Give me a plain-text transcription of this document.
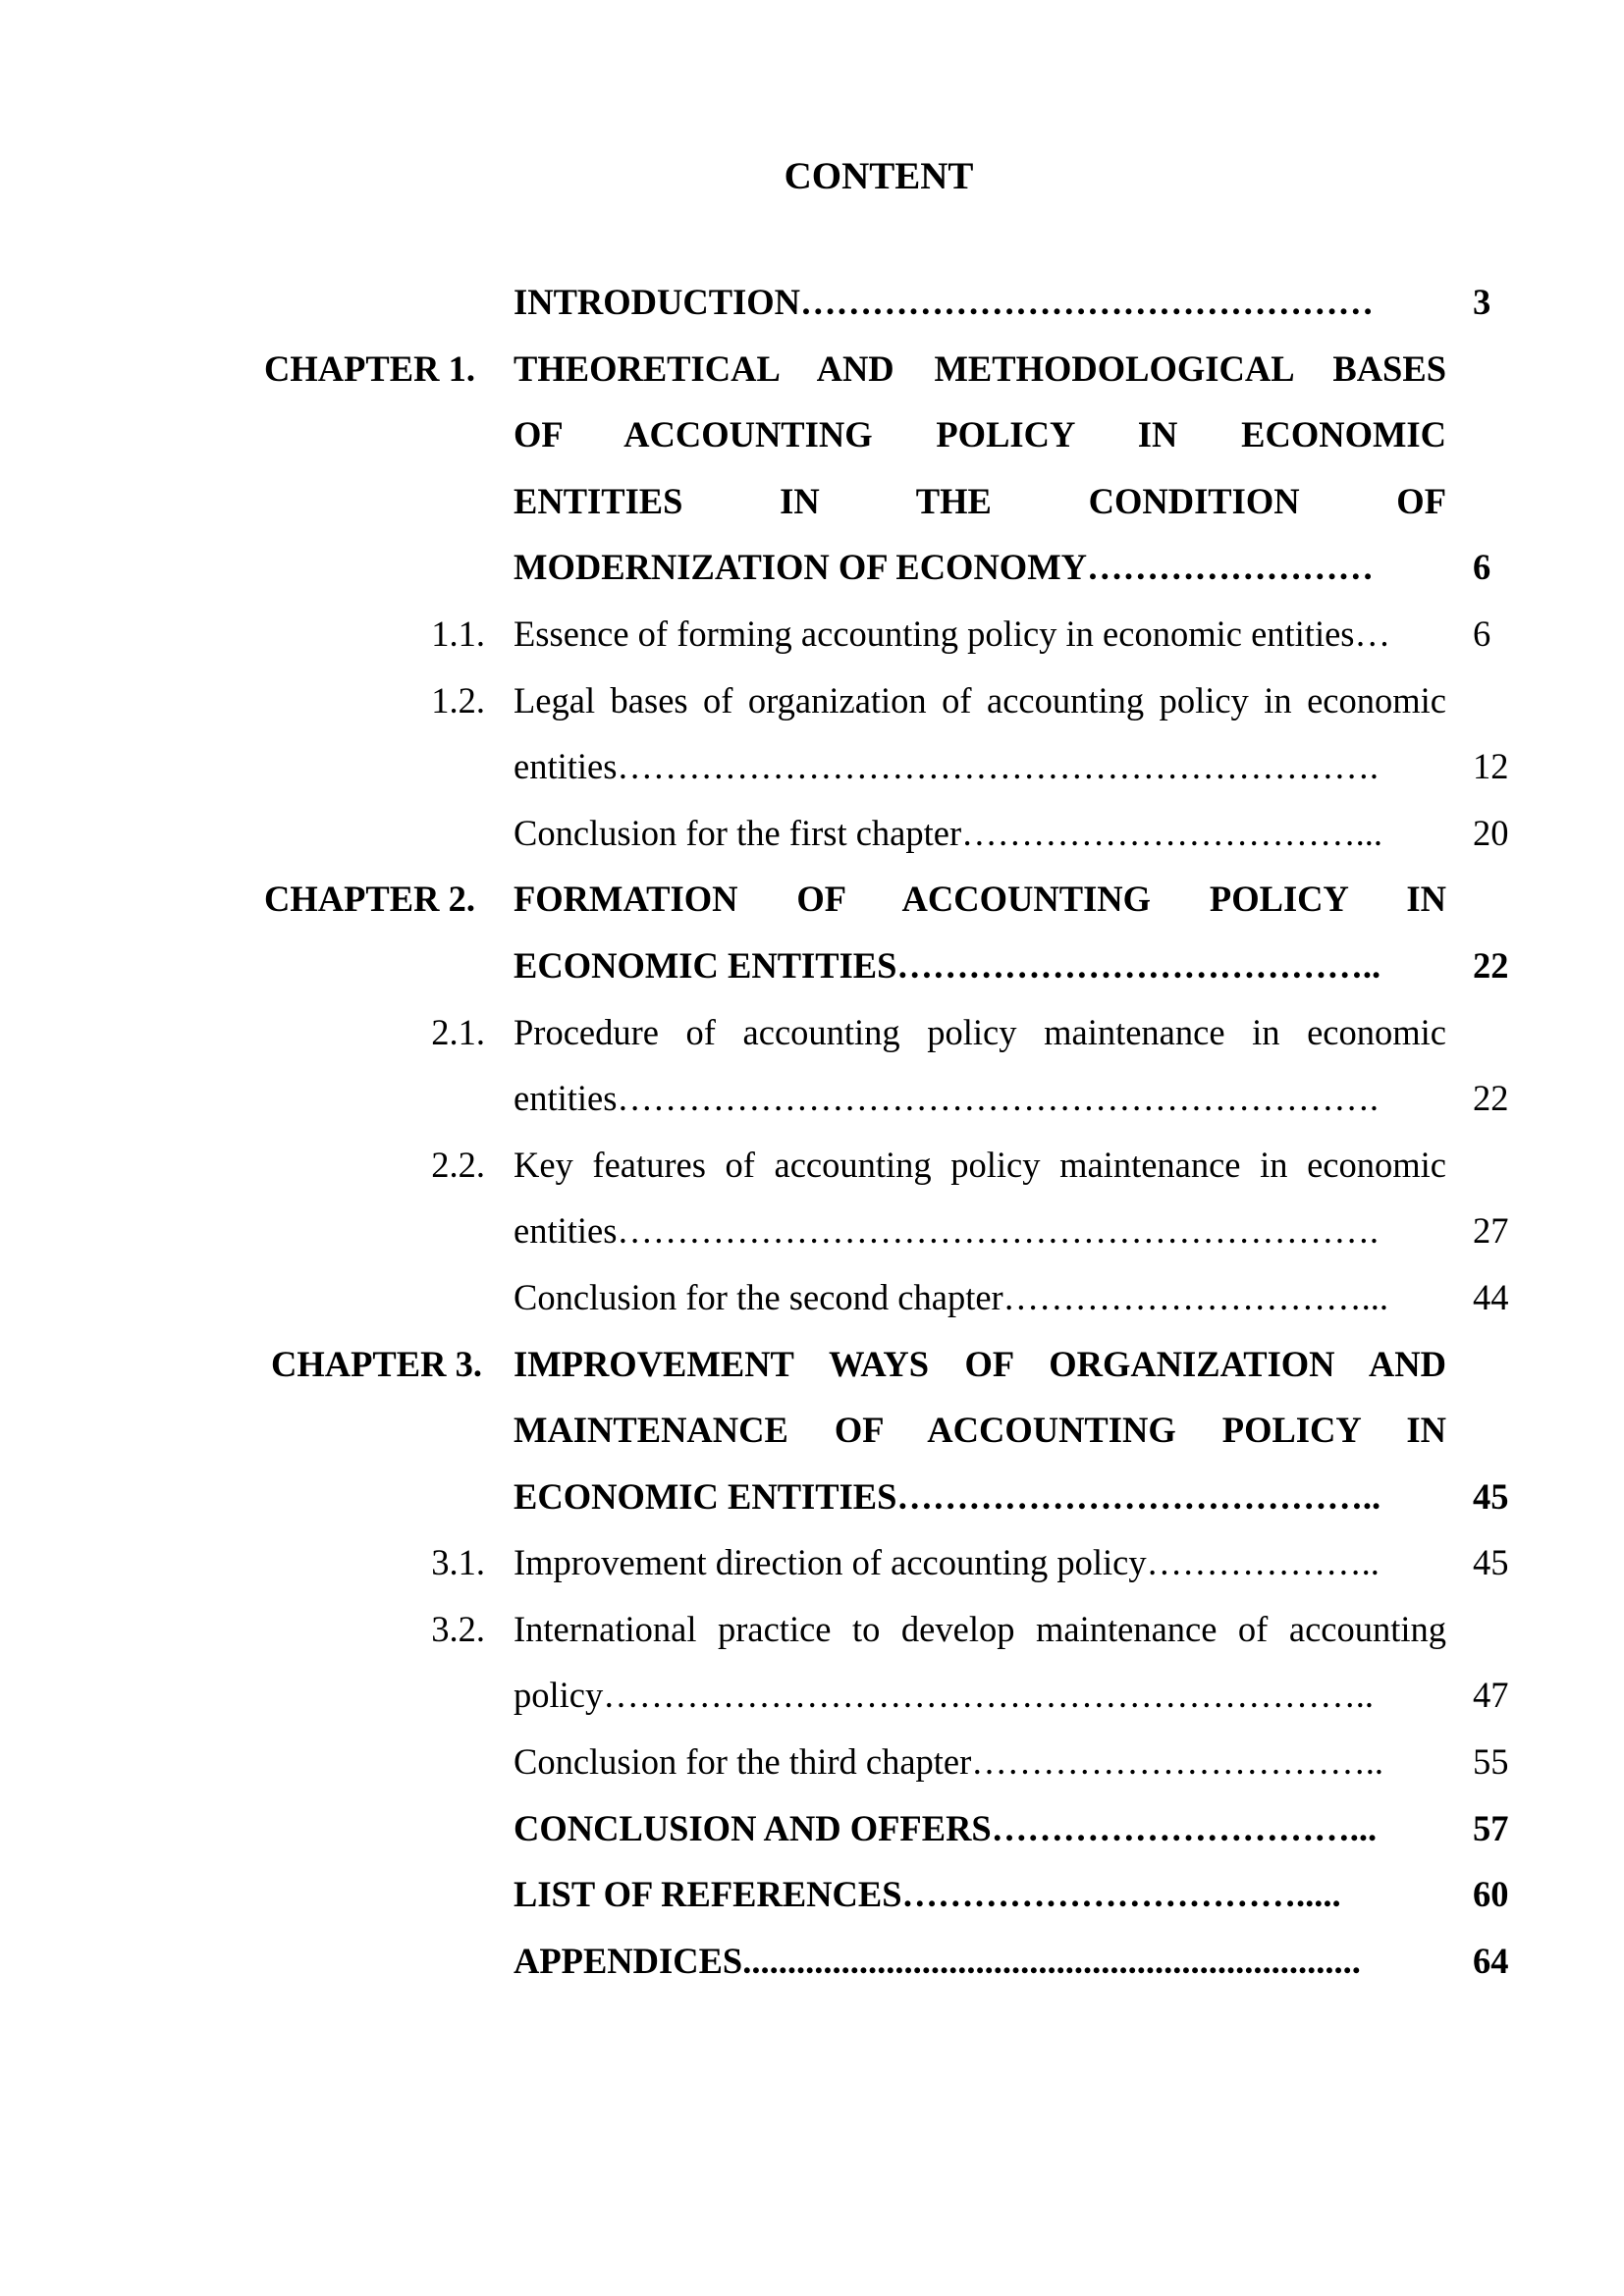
CONTENT
INTRODUCTION…………………………………………	3
CHAPTER 1. THEORETICAL AND METHODOLOGICAL BASES
OF ACCOUNTING POLICY IN ECONOMIC
ENTITIES IN THE CONDITION OF
MODERNIZATION OF ECONOMY……………………	6
1.1. Essence of forming accounting policy in economic entities…	6
1.2. Legal bases of organization of accounting policy in economic
entities……………………………………………………….	12
Conclusion for the first chapter……………………………...	20
CHAPTER 2. FORMATION OF ACCOUNTING POLICY IN
ECONOMIC ENTITIES…………………………………..	22
2.1. Procedure of accounting policy maintenance in economic
entities……………………………………………………….	22
2.2. Key features of accounting policy maintenance in economic
entities……………………………………………………….	27
Conclusion for the second chapter…………………………...	44
CHAPTER 3. IMPROVEMENT WAYS OF ORGANIZATION AND
MAINTENANCE OF ACCOUNTING POLICY IN
ECONOMIC ENTITIES…………………………………..	45
3.1. Improvement direction of accounting policy………………..	45
3.2. International practice to develop maintenance of accounting
policy………………………………………………………..	47
Conclusion for the third chapter……………………………..	55
CONCLUSION AND OFFERS…………………………...	57
LIST OF REFERENCES…………………………….....	60
APPENDICES.....................................................................	64
